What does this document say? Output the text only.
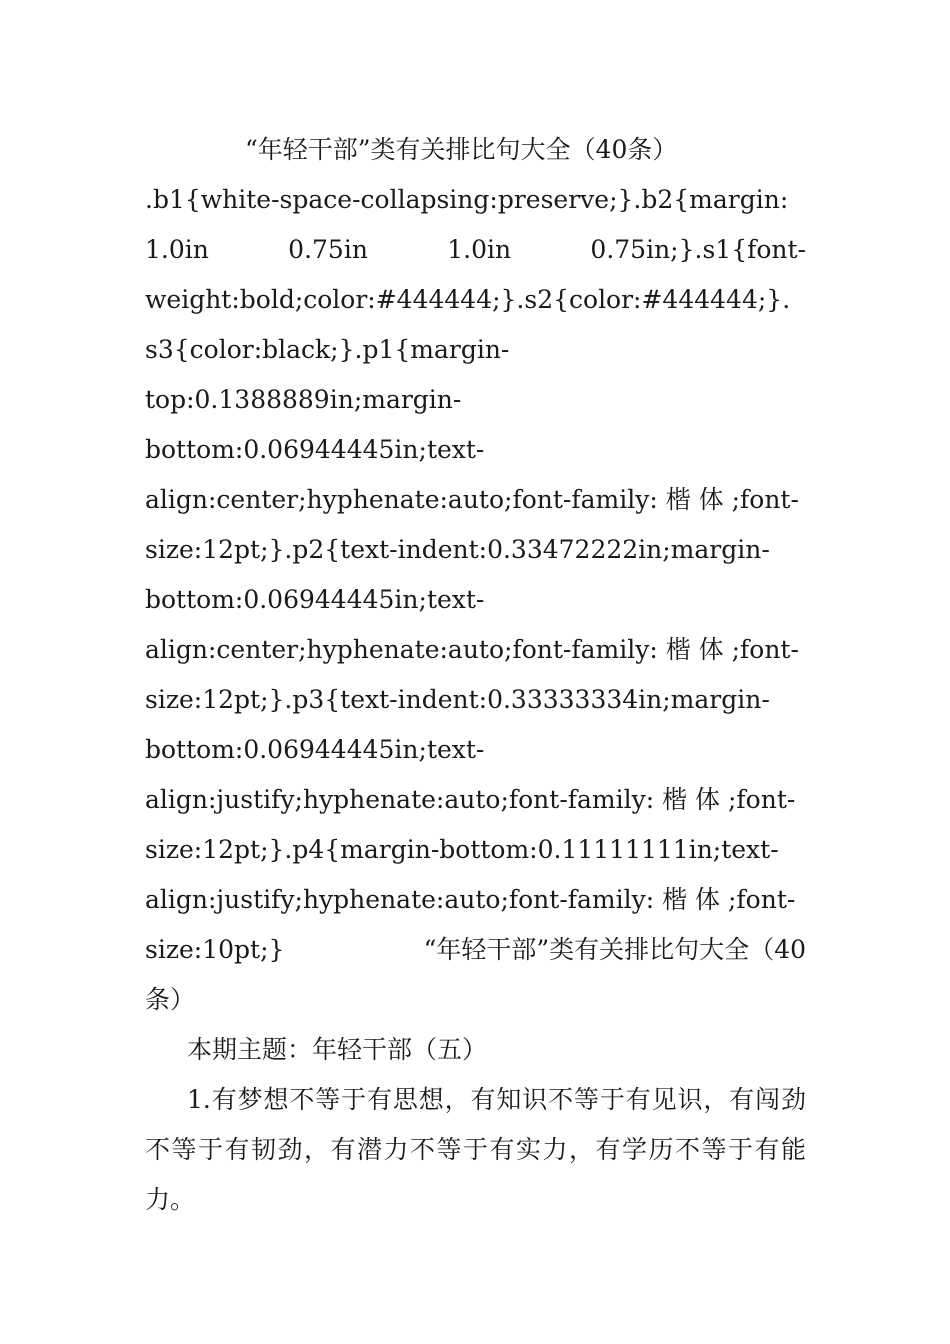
“年轻干部”类有关排比句大全（40条）
.b1{white-space-collapsing:preserve;}.b2{margin:
1.0in	0.75in	1.0in	0.75in;}.s1{font-
weight:bold;color:#444444;}.s2{color:#444444;}.
s3{color:black;}.p1{margin-
top:0.1388889in;margin-
bottom:0.06944445in;text-
align:center;hyphenate:auto;font-family: 楷 体 ;font-
size:12pt;}.p2{text-indent:0.33472222in;margin-
bottom:0.06944445in;text-
align:center;hyphenate:auto;font-family: 楷 体 ;font-
size:12pt;}.p3{text-indent:0.33333334in;margin-
bottom:0.06944445in;text-
align:justify;hyphenate:auto;font-family: 楷 体 ;font-
size:12pt;}.p4{margin-bottom:0.11111111in;text-
align:justify;hyphenate:auto;font-family: 楷 体 ;font-
size:10pt;}	“年轻干部”类有关排比句大全（40
条）

本期主题：年轻干部（五）

1.有梦想不等于有思想，有知识不等于有见识，有闯劲不等于有韧劲，有潜力不等于有实力，有学历不等于有能力。
